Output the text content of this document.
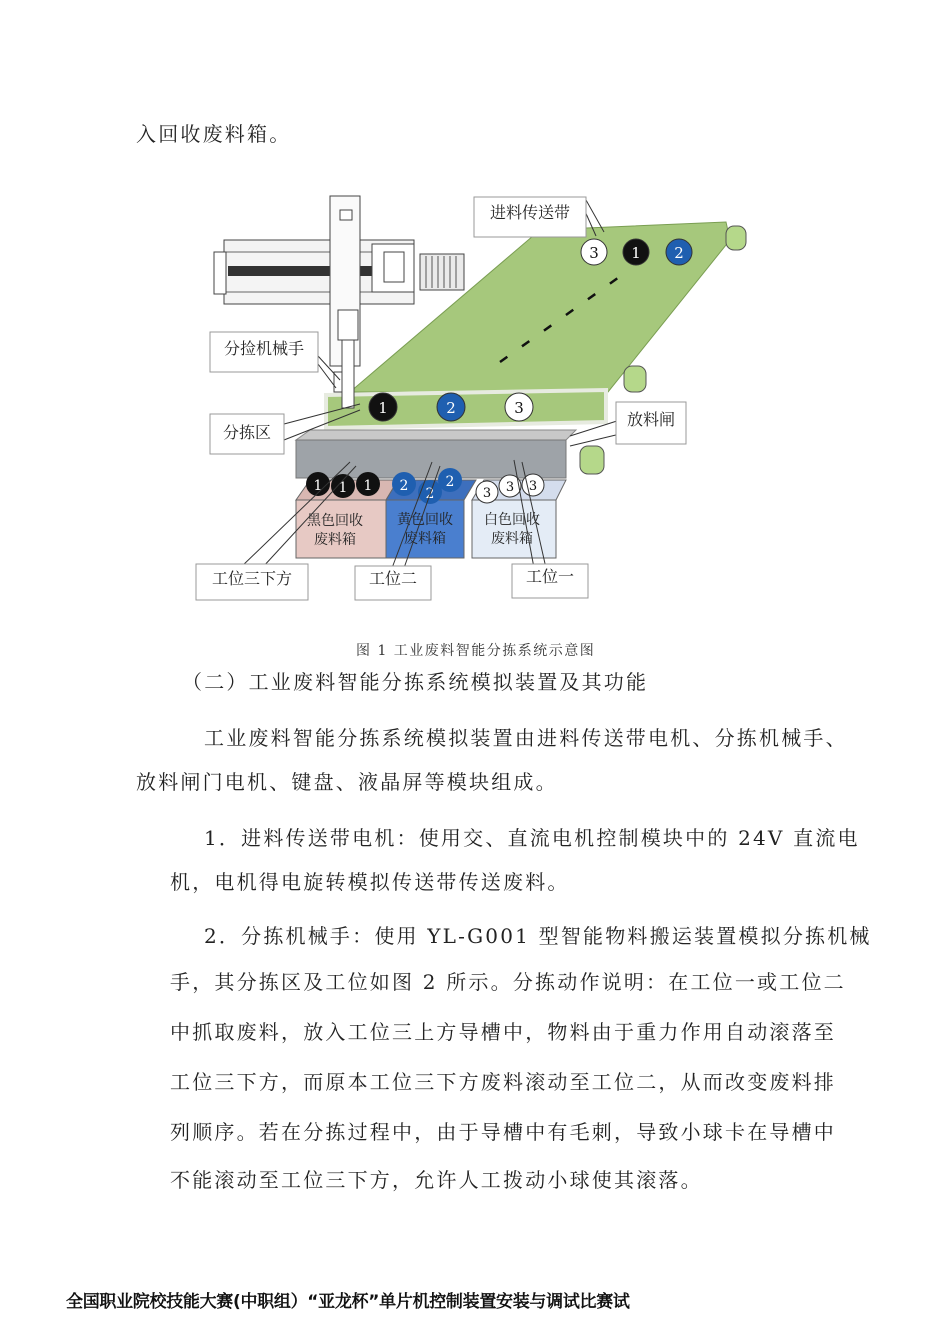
入回收废料箱。
3 1 2
1	2	3
1 1 1 2 2
2
3 3 3
黑色回收
废料箱
黄色回收
废料箱
白色回收
废料箱
进料传送带
分捡机械手
分拣区
放料闸
工位三下方	工位二	工位一
图 1 工业废料智能分拣系统示意图
（二）工业废料智能分拣系统模拟装置及其功能
工业废料智能分拣系统模拟装置由进料传送带电机、分拣机械手、
放料闸门电机、键盘、液晶屏等模块组成。
1．进料传送带电机：使用交、直流电机控制模块中的 24V 直流电
机，电机得电旋转模拟传送带传送废料。
2．分拣机械手：使用 YL-G001 型智能物料搬运装置模拟分拣机械
手，其分拣区及工位如图 2 所示。分拣动作说明：在工位一或工位二
中抓取废料，放入工位三上方导槽中，物料由于重力作用自动滚落至
工位三下方，而原本工位三下方废料滚动至工位二，从而改变废料排
列顺序。若在分拣过程中，由于导槽中有毛刺，导致小球卡在导槽中
不能滚动至工位三下方，允许人工拨动小球使其滚落。
全国职业院校技能大赛(中职组）“亚龙杯”单片机控制装置安装与调试比赛试
